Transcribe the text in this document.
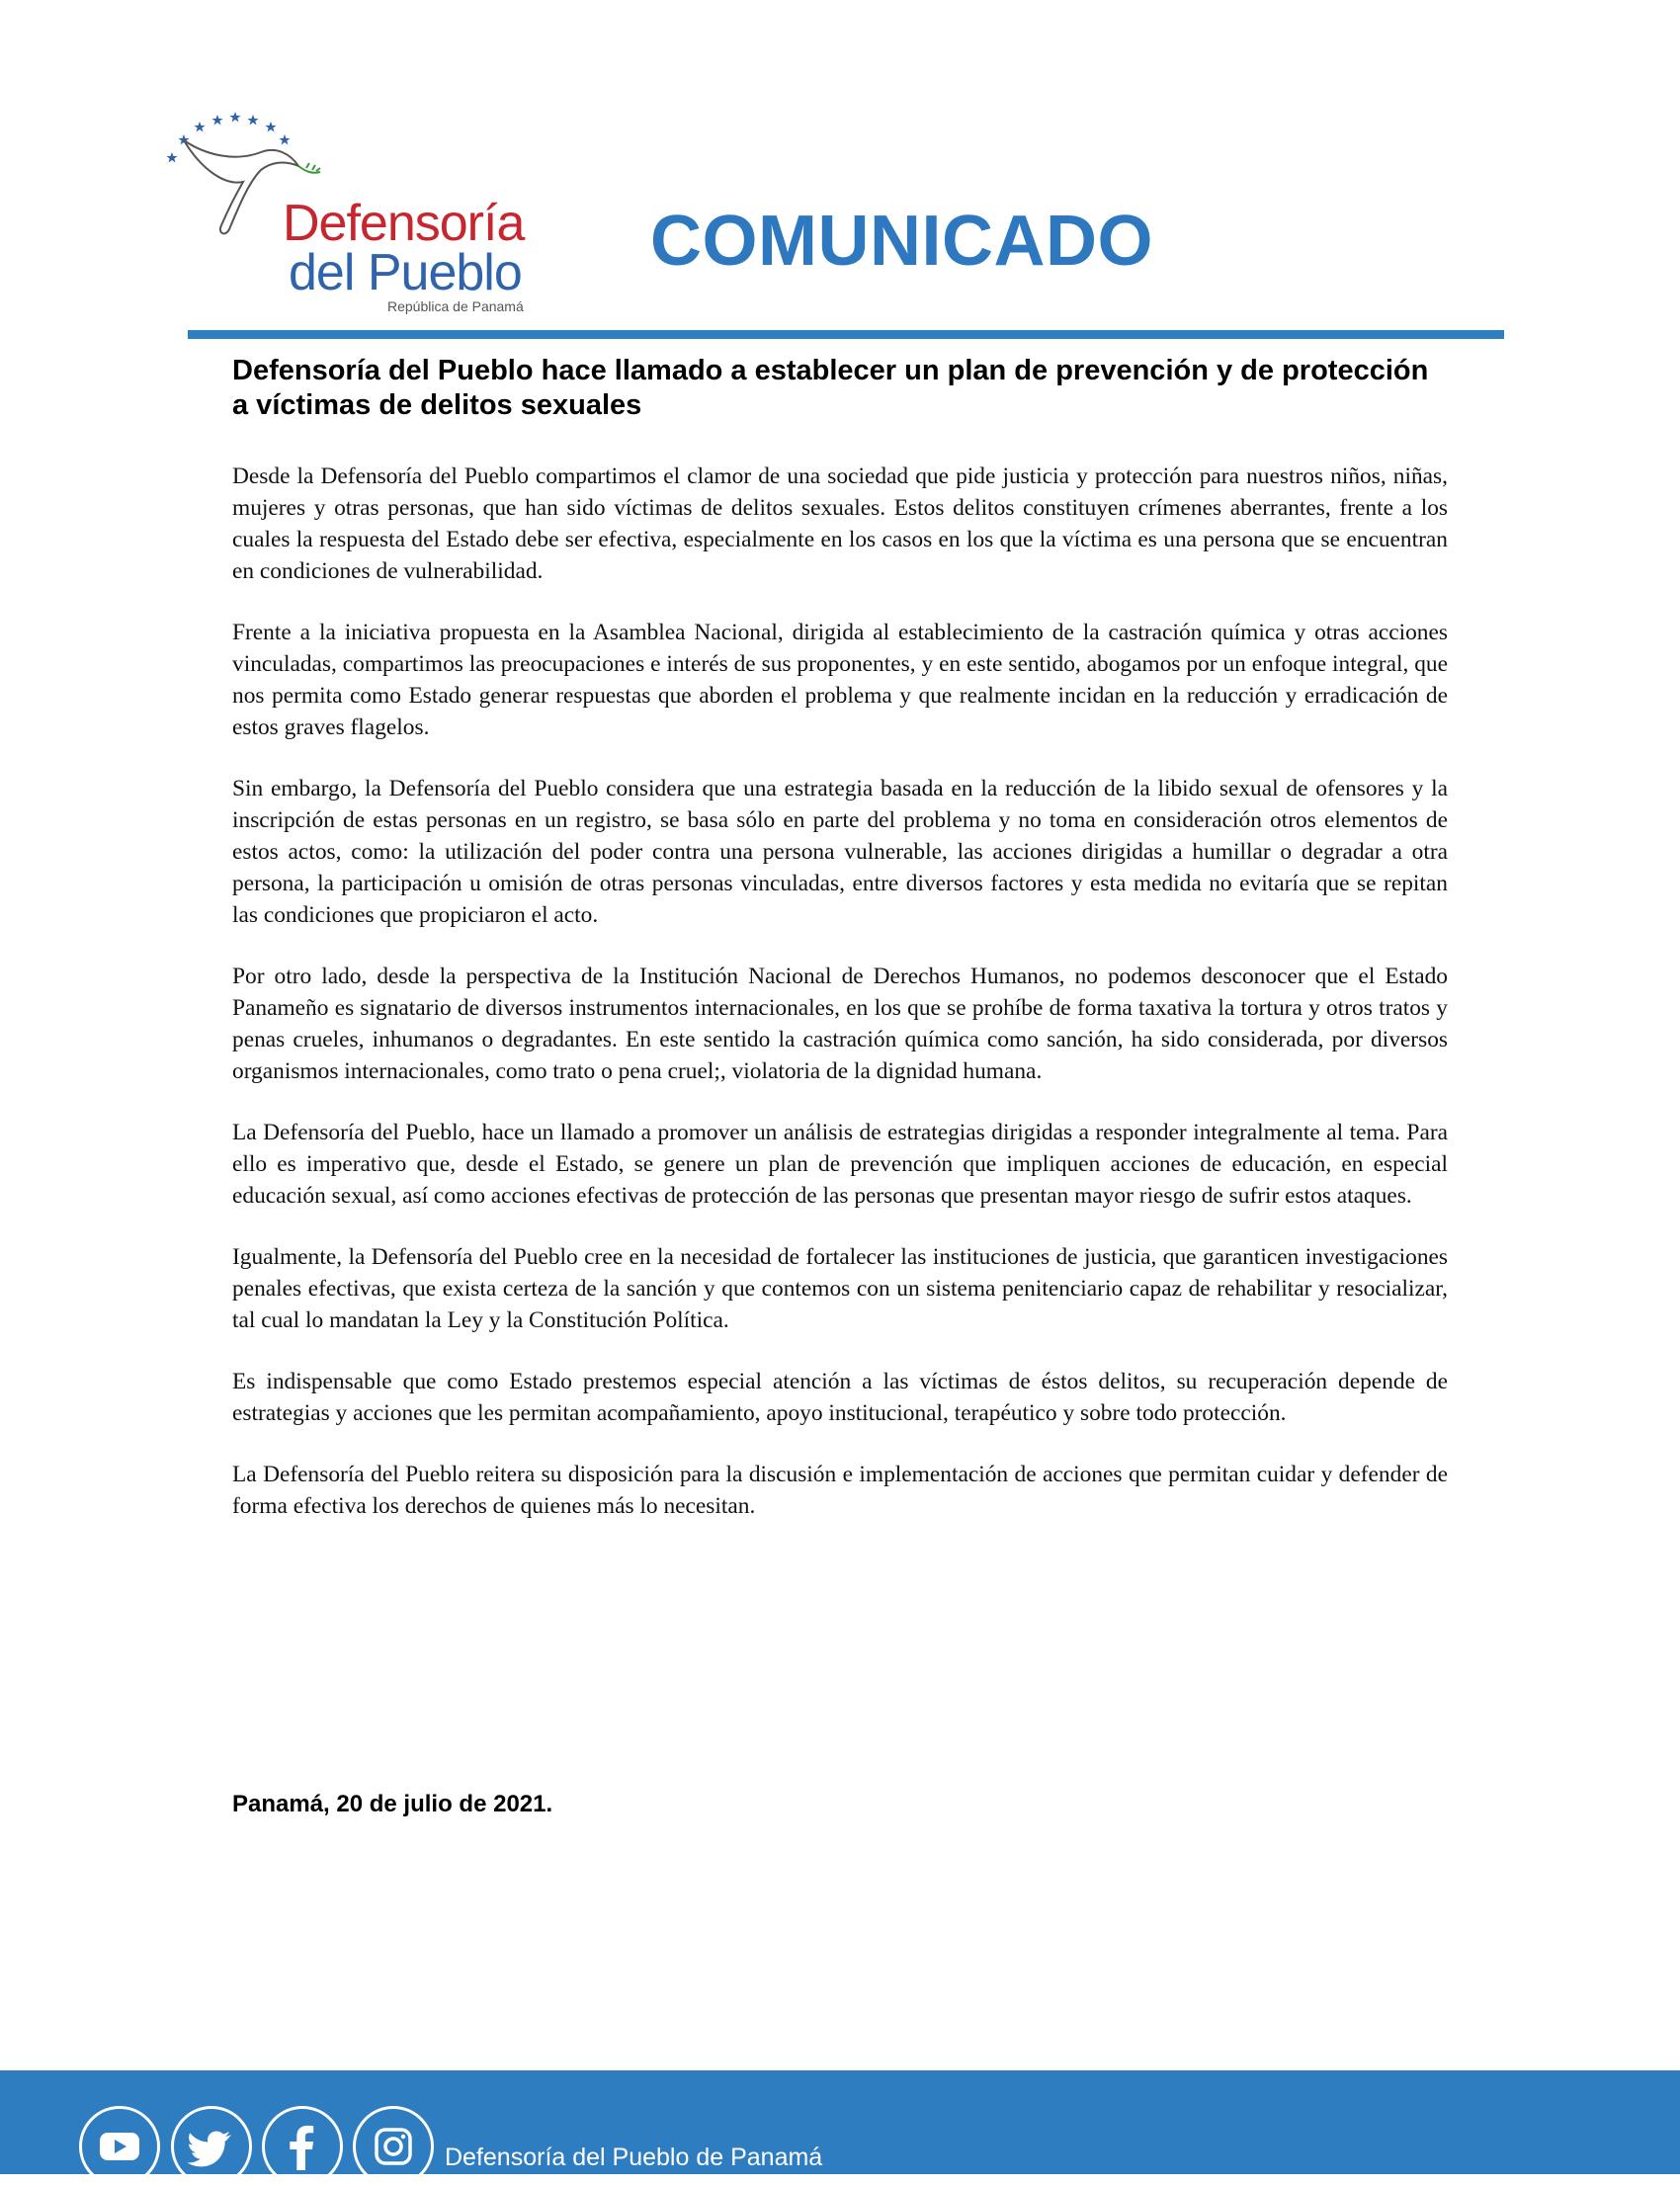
Defensoría
del Pueblo
República de Panamá
COMUNICADO
Defensoría del Pueblo hace llamado a establecer un plan de prevención y de protección a víctimas de delitos sexuales

Desde la Defensoría del Pueblo compartimos el clamor de una sociedad que pide justicia y protección para nuestros niños, niñas, mujeres y otras personas, que han sido víctimas de delitos sexuales. Estos delitos constituyen crímenes aberrantes, frente a los cuales la respuesta del Estado debe ser efectiva, especialmente en los casos en los que la víctima es una persona que se encuentran en condiciones de vulnerabilidad.

Frente a la iniciativa propuesta en la Asamblea Nacional, dirigida al establecimiento de la castración química y otras acciones vinculadas, compartimos las preocupaciones e interés de sus proponentes, y en este sentido, abogamos por un enfoque integral, que nos permita como Estado generar respuestas que aborden el problema y que realmente incidan en la reducción y erradicación de estos graves flagelos.

Sin embargo, la Defensoría del Pueblo considera que una estrategia basada en la reducción de la libido sexual de ofensores y la inscripción de estas personas en un registro, se basa sólo en parte del problema y no toma en consideración otros elementos de estos actos, como: la utilización del poder contra una persona vulnerable, las acciones dirigidas a humillar o degradar a otra persona, la participación u omisión de otras personas vinculadas, entre diversos factores y esta medida no evitaría que se repitan las condiciones que propiciaron el acto.

Por otro lado, desde la perspectiva de la Institución Nacional de Derechos Humanos, no podemos desconocer que el Estado Panameño es signatario de diversos instrumentos internacionales, en los que se prohíbe de forma taxativa la tortura y otros tratos y penas crueles, inhumanos o degradantes. En este sentido la castración química como sanción, ha sido considerada, por diversos organismos internacionales, como trato o pena cruel;, violatoria de la dignidad humana.

La Defensoría del Pueblo, hace un llamado a promover un análisis de estrategias dirigidas a responder integralmente al tema. Para ello es imperativo que, desde el Estado, se genere un plan de prevención que impliquen acciones de educación, en especial educación sexual, así como acciones efectivas de protección de las personas que presentan mayor riesgo de sufrir estos ataques.

Igualmente, la Defensoría del Pueblo cree en la necesidad de fortalecer las instituciones de justicia, que garanticen investigaciones penales efectivas, que exista certeza de la sanción y que contemos con un sistema penitenciario capaz de rehabilitar y resocializar, tal cual lo mandatan la Ley y la Constitución Política.

Es indispensable que como Estado prestemos especial atención a las víctimas de éstos delitos, su recuperación depende de estrategias y acciones que les permitan acompañamiento, apoyo institucional, terapéutico y sobre todo protección.

La Defensoría del Pueblo reitera su disposición para la discusión e implementación de acciones que permitan cuidar y defender de forma efectiva los derechos de quienes más lo necesitan.

Panamá, 20 de julio de 2021.

Defensoría del Pueblo de Panamá
